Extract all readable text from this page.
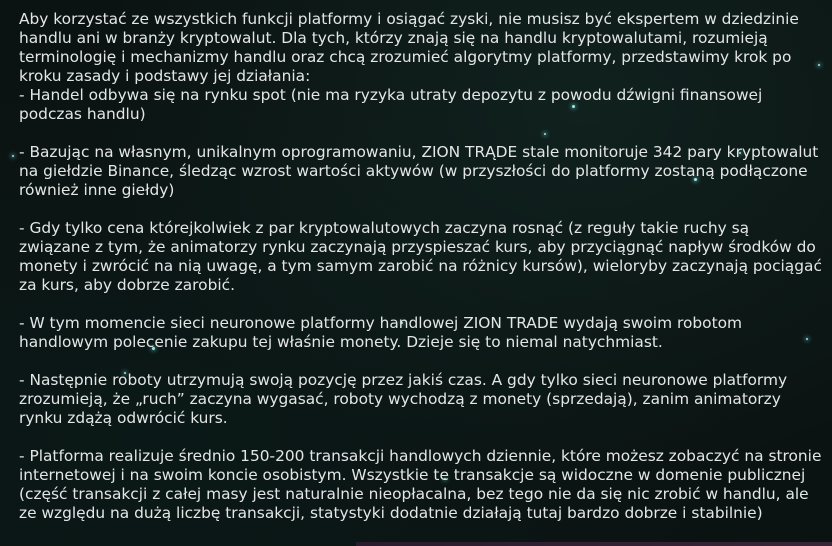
Aby korzystać ze wszystkich funkcji platformy i osiągać zyski, nie musisz być ekspertem w dziedzinie handlu ani w branży kryptowalut. Dla tych, którzy znają się na handlu kryptowalutami, rozumieją terminologię i mechanizmy handlu oraz chcą zrozumieć algorytmy platformy, przedstawimy krok po kroku zasady i podstawy jej działania:

- Handel odbywa się na rynku spot (nie ma ryzyka utraty depozytu z powodu dźwigni finansowej podczas handlu)

- Bazując na własnym, unikalnym oprogramowaniu, ZION TRĄDE stale monitoruje 342 pary kryptowalut na giełdzie Binance, śledząc wzrost wartości aktywów (w przyszłości do platformy zostaną podłączone również inne giełdy)

- Gdy tylko cena którejkolwiek z par kryptowalutowych zaczyna rosnąć (z reguły takie ruchy są związane z tym, że animatorzy rynku zaczynają przyspieszać kurs, aby przyciągnąć napływ środków do monety i zwrócić na nią uwagę, a tym samym zarobić na różnicy kursów), wieloryby zaczynają pociągać za kurs, aby dobrze zarobić.

- W tym momencie sieci neuronowe platformy handlowej ZION TRADE wydają swoim robotom handlowym polecenie zakupu tej właśnie monety. Dzieje się to niemal natychmiast.

- Następnie roboty utrzymują swoją pozycję przez jakiś czas. A gdy tylko sieci neuronowe platformy zrozumieją, że „ruch” zaczyna wygasać, roboty wychodzą z monety (sprzedają), zanim animatorzy rynku zdążą odwrócić kurs.

- Platforma realizuje średnio 150-200 transakcji handlowych dziennie, które możesz zobaczyć na stronie internetowej i na swoim koncie osobistym. Wszystkie te transakcje są widoczne w domenie publicznej (część transakcji z całej masy jest naturalnie nieopłacalna, bez tego nie da się nic zrobić w handlu, ale ze względu na dużą liczbę transakcji, statystyki dodatnie działają tutaj bardzo dobrze i stabilnie)
